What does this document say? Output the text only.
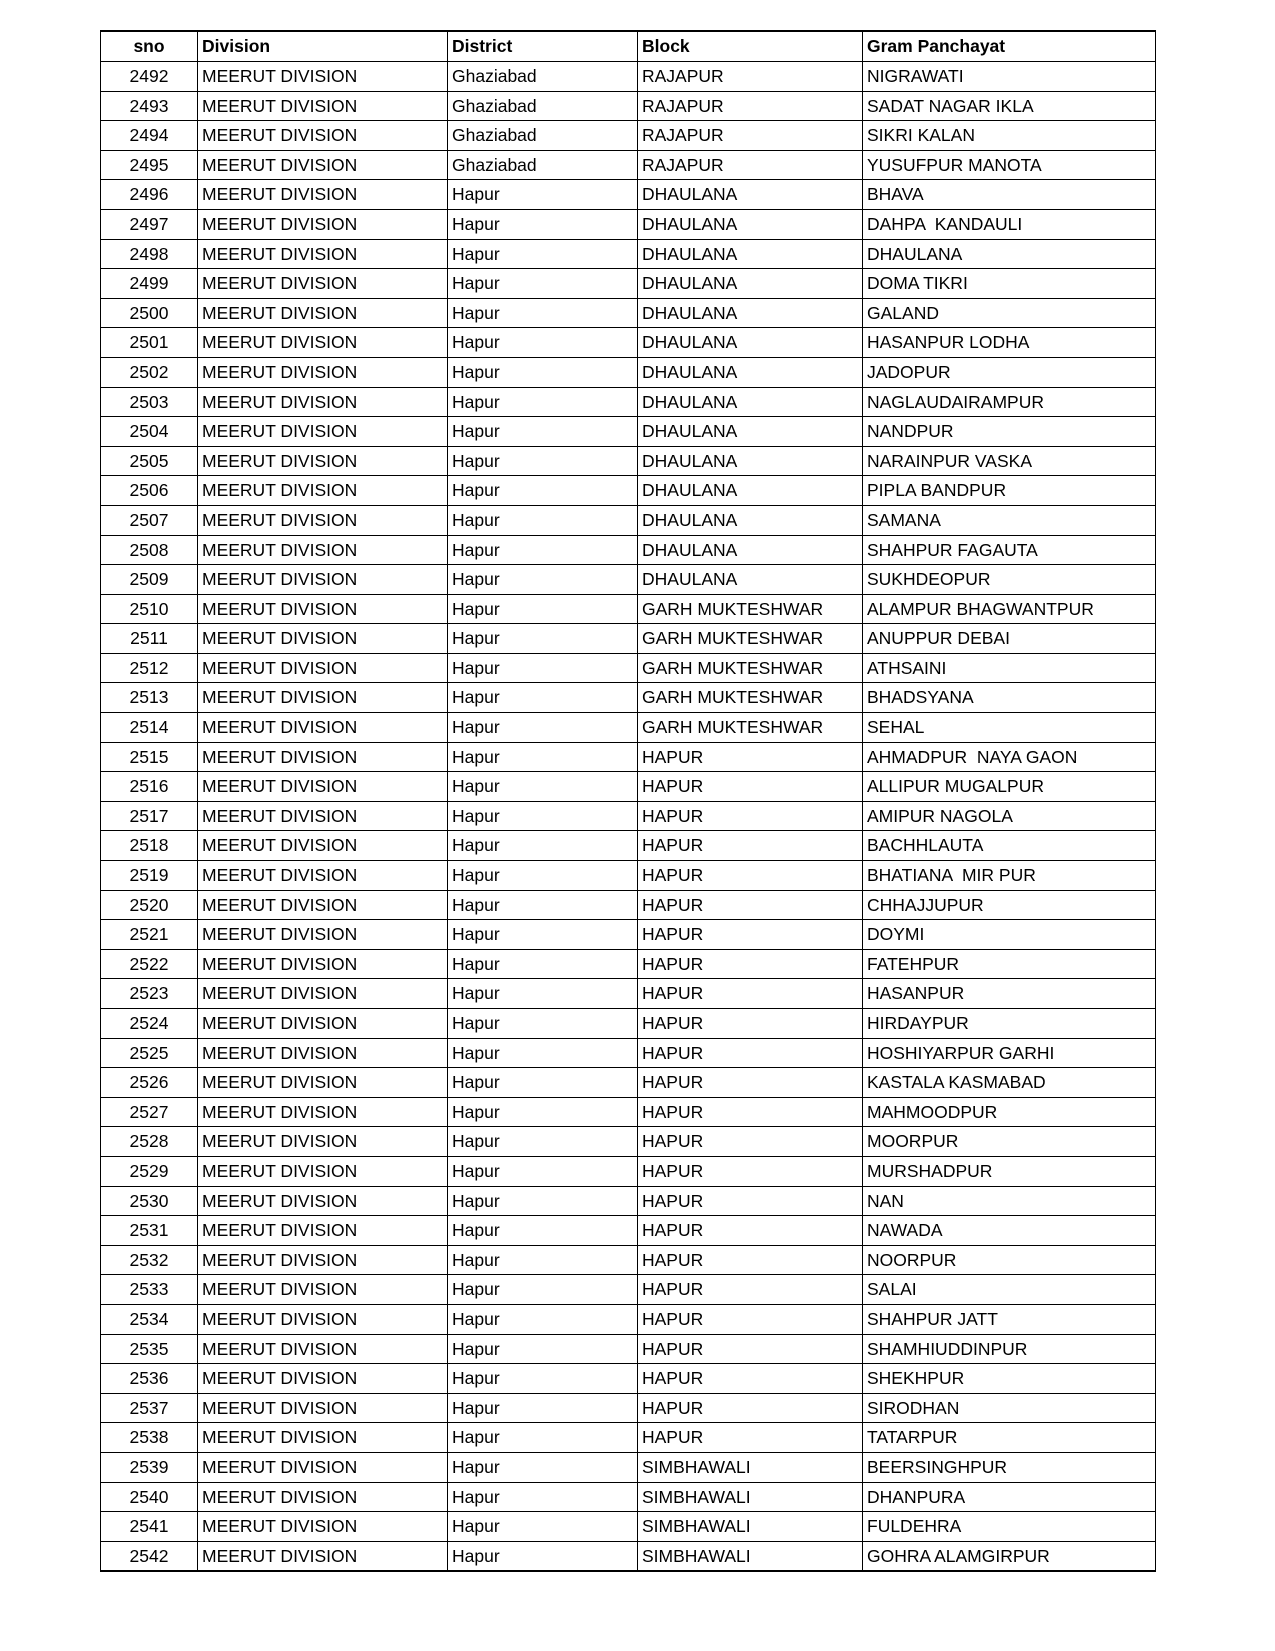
sno	Division	District	Block	Gram Panchayat
2492	MEERUT DIVISION	Ghaziabad	RAJAPUR	NIGRAWATI
2493	MEERUT DIVISION	Ghaziabad	RAJAPUR	SADAT NAGAR IKLA
2494	MEERUT DIVISION	Ghaziabad	RAJAPUR	SIKRI KALAN
2495	MEERUT DIVISION	Ghaziabad	RAJAPUR	YUSUFPUR MANOTA
2496	MEERUT DIVISION	Hapur	DHAULANA	BHAVA
2497	MEERUT DIVISION	Hapur	DHAULANA	DAHPA  KANDAULI
2498	MEERUT DIVISION	Hapur	DHAULANA	DHAULANA
2499	MEERUT DIVISION	Hapur	DHAULANA	DOMA TIKRI
2500	MEERUT DIVISION	Hapur	DHAULANA	GALAND
2501	MEERUT DIVISION	Hapur	DHAULANA	HASANPUR LODHA
2502	MEERUT DIVISION	Hapur	DHAULANA	JADOPUR
2503	MEERUT DIVISION	Hapur	DHAULANA	NAGLAUDAIRAMPUR
2504	MEERUT DIVISION	Hapur	DHAULANA	NANDPUR
2505	MEERUT DIVISION	Hapur	DHAULANA	NARAINPUR VASKA
2506	MEERUT DIVISION	Hapur	DHAULANA	PIPLA BANDPUR
2507	MEERUT DIVISION	Hapur	DHAULANA	SAMANA
2508	MEERUT DIVISION	Hapur	DHAULANA	SHAHPUR FAGAUTA
2509	MEERUT DIVISION	Hapur	DHAULANA	SUKHDEOPUR
2510	MEERUT DIVISION	Hapur	GARH MUKTESHWAR	ALAMPUR BHAGWANTPUR
2511	MEERUT DIVISION	Hapur	GARH MUKTESHWAR	ANUPPUR DEBAI
2512	MEERUT DIVISION	Hapur	GARH MUKTESHWAR	ATHSAINI
2513	MEERUT DIVISION	Hapur	GARH MUKTESHWAR	BHADSYANA
2514	MEERUT DIVISION	Hapur	GARH MUKTESHWAR	SEHAL
2515	MEERUT DIVISION	Hapur	HAPUR	AHMADPUR  NAYA GAON
2516	MEERUT DIVISION	Hapur	HAPUR	ALLIPUR MUGALPUR
2517	MEERUT DIVISION	Hapur	HAPUR	AMIPUR NAGOLA
2518	MEERUT DIVISION	Hapur	HAPUR	BACHHLAUTA
2519	MEERUT DIVISION	Hapur	HAPUR	BHATIANA  MIR PUR
2520	MEERUT DIVISION	Hapur	HAPUR	CHHAJJUPUR
2521	MEERUT DIVISION	Hapur	HAPUR	DOYMI
2522	MEERUT DIVISION	Hapur	HAPUR	FATEHPUR
2523	MEERUT DIVISION	Hapur	HAPUR	HASANPUR
2524	MEERUT DIVISION	Hapur	HAPUR	HIRDAYPUR
2525	MEERUT DIVISION	Hapur	HAPUR	HOSHIYARPUR GARHI
2526	MEERUT DIVISION	Hapur	HAPUR	KASTALA KASMABAD
2527	MEERUT DIVISION	Hapur	HAPUR	MAHMOODPUR
2528	MEERUT DIVISION	Hapur	HAPUR	MOORPUR
2529	MEERUT DIVISION	Hapur	HAPUR	MURSHADPUR
2530	MEERUT DIVISION	Hapur	HAPUR	NAN
2531	MEERUT DIVISION	Hapur	HAPUR	NAWADA
2532	MEERUT DIVISION	Hapur	HAPUR	NOORPUR
2533	MEERUT DIVISION	Hapur	HAPUR	SALAI
2534	MEERUT DIVISION	Hapur	HAPUR	SHAHPUR JATT
2535	MEERUT DIVISION	Hapur	HAPUR	SHAMHIUDDINPUR
2536	MEERUT DIVISION	Hapur	HAPUR	SHEKHPUR
2537	MEERUT DIVISION	Hapur	HAPUR	SIRODHAN
2538	MEERUT DIVISION	Hapur	HAPUR	TATARPUR
2539	MEERUT DIVISION	Hapur	SIMBHAWALI	BEERSINGHPUR
2540	MEERUT DIVISION	Hapur	SIMBHAWALI	DHANPURA
2541	MEERUT DIVISION	Hapur	SIMBHAWALI	FULDEHRA
2542	MEERUT DIVISION	Hapur	SIMBHAWALI	GOHRA ALAMGIRPUR
